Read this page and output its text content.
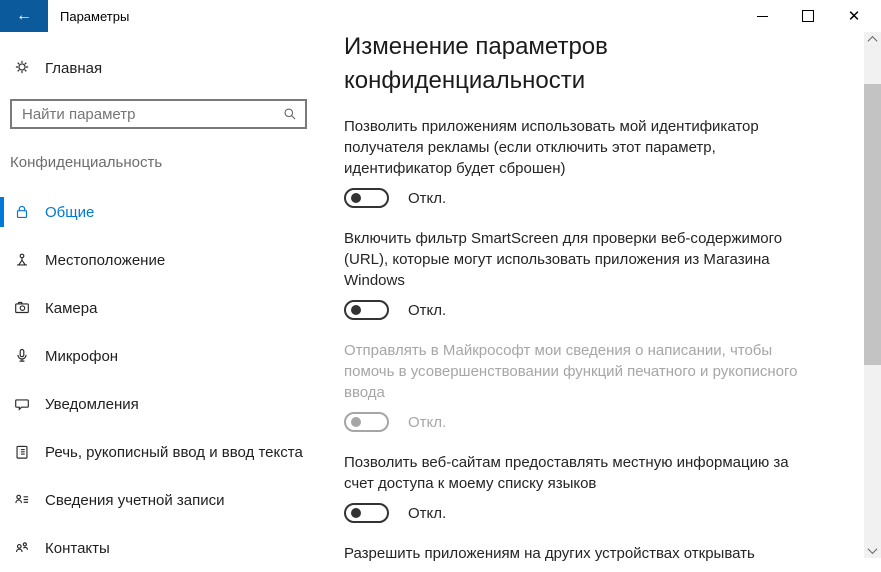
← Параметры	✕
Главная
Найти параметр
Конфиденциальность
Общие
Местоположение
Камера
Микрофон
Уведомления
Речь, рукописный ввод и ввод текста
Сведения учетной записи
Контакты
Изменение параметров конфиденциальности

Позволить приложениям использовать мой идентификатор получателя рекламы (если отключить этот параметр, идентификатор будет сброшен)

Откл.

Включить фильтр SmartScreen для проверки веб-содержимого (URL), которые могут использовать приложения из Магазина Windows

Откл.

Отправлять в Майкрософт мои сведения о написании, чтобы помочь в усовершенствовании функций печатного и рукописного ввода

Откл.

Позволить веб-сайтам предоставлять местную информацию за счет доступа к моему списку языков

Откл.

Разрешить приложениям на других устройствах открывать
